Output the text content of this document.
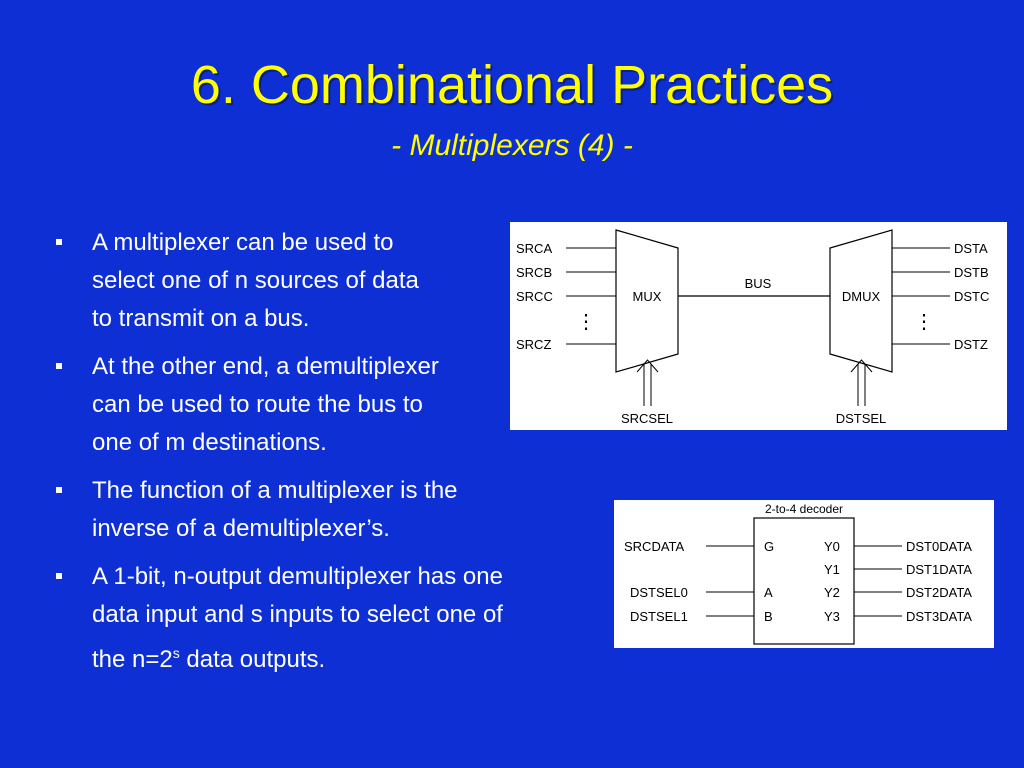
6. Combinational Practices
- Multiplexers (4) -
A multiplexer can be used to
select one of n sources of data
to transmit on a bus.
At the other end, a demultiplexer
can be used to route the bus to
one of m destinations.
The function of a multiplexer is the
inverse of a demultiplexer’s.
A 1-bit, n-output demultiplexer has one
data input and s inputs to select one of
the $n=2^s$ data outputs.
SRCA
SRCB
SRCC
SRCZ
⋮
MUX
BUS
DMUX
DSTA
DSTB
DSTC
DSTZ
⋮
SRCSEL	DSTSEL
2-to-4 decoder
SRCDATA
DSTSEL0
DSTSEL1
G
A
B
Y0
Y1
Y2
Y3
DST0DATA
DST1DATA
DST2DATA
DST3DATA
